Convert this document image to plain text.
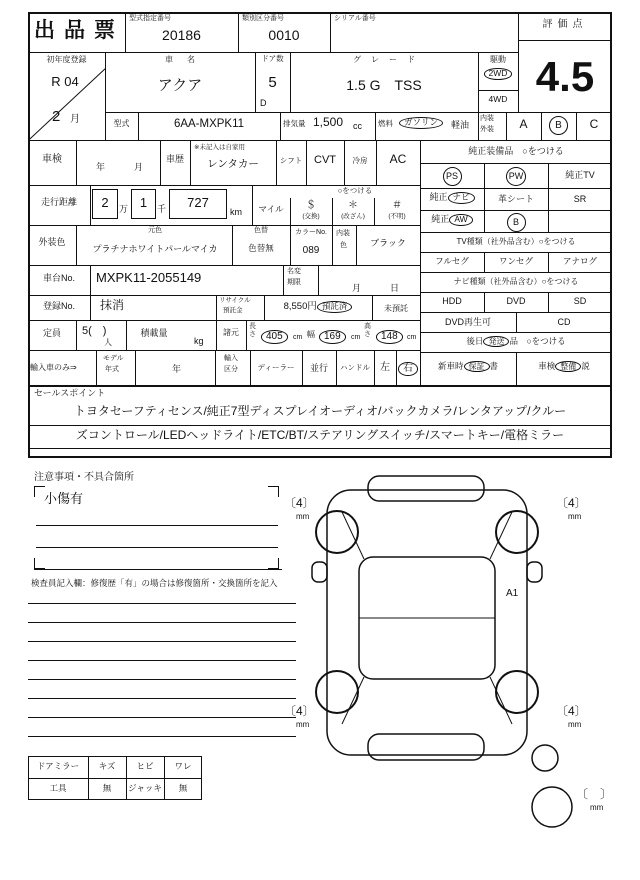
出品票
型式指定番号
20186
類別区分番号
0010
シリアル番号
評価点
4.5
初年度登録
R 04
2 月
車名
アクア
ドア数
5
D
グレード
1.5 G　TSS
駆動
2WD
4WD
型式	6AA-MXPK11	排気量 1,500 cc 燃料	ガソリン	軽油
内装
外装	A	B	C
車検
年	月
車歴
※未記入は自家用
レンタカー	シフト	CVT	冷房	AC
走行距離	2	万 1	千	727
km
○をつける
マイル	＄
(交換)
＊
(改ざん)
＃
(不明)
外装色
元色
プラチナホワイトパールマイカ
色替
色替無
カラーNo.
089
内装
色	ブラック
車台No.	MXPK11-2055149	名変
期限
月	日
登録No.	抹消	リサイクル
預託金	8,550円 預託済	未預託
定員	5(　)
人
積載量
kg
諸元
長さ	405	cm 幅 169	cm
高さ	148	cm
輸入車のみ⇒
モデル
年式	年
輸入
区分	ディーラー	並行	ハンドル	左	右
純正装備品　○をつける
PS	PW	純正TV
純正 ナビ	革シート	SR
純正 AW	B
TV種類（社外品含む）○をつける
フルセグ	ワンセグ	アナログ
ナビ種類（社外品含む）○をつける
HDD	DVD	SD
DVD再生可	CD
後日 発送 品　○をつける
新車時 保証 書	車検 整備 説
セールスポイント
トヨタセーフティセンス/純正7型ディスプレイオーディオ/バックカメラ/レンタアップ/クルー
ズコントロール/LEDヘッドライト/ETC/BT/ステアリングスイッチ/スマートキー/電格ミラー
注意事項・不具合箇所
小傷有
検査員記入欄：修復歴「有」の場合は修復箇所・交換箇所を記入
ドアミラー	キズ	ヒビ	ワレ
工具	無	ジャッキ	無
〔4〕
mm
〔4〕
mm
〔4〕
mm
〔4〕
mm
〔　〕
mm
A1
